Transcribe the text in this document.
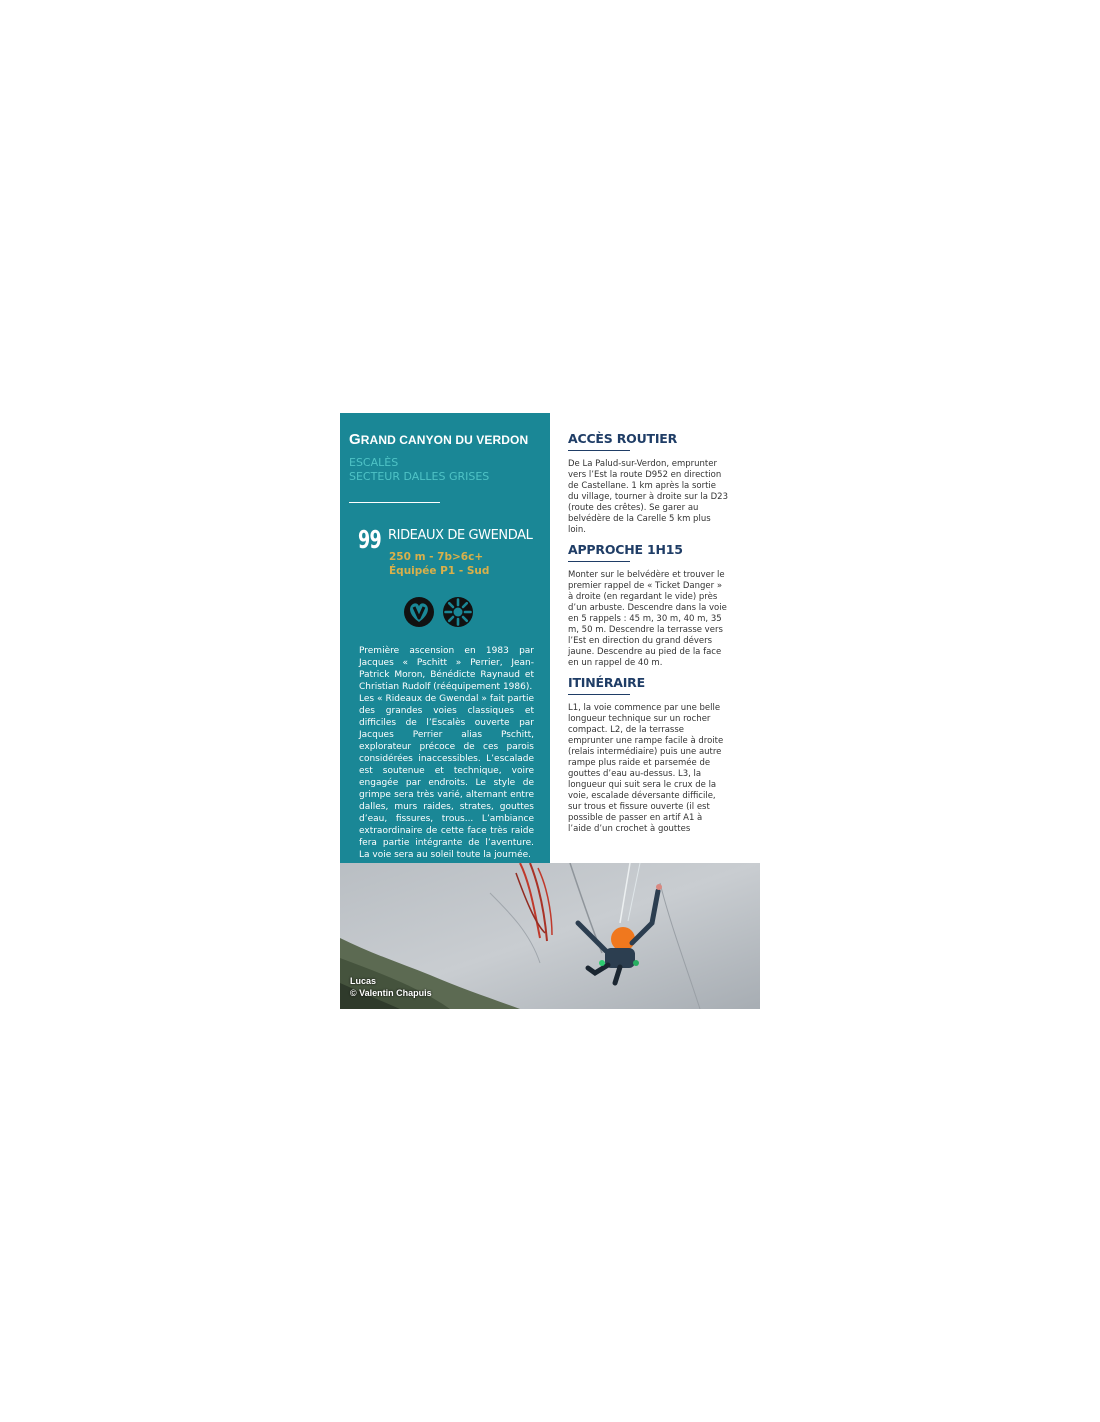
GRAND CANYON DU VERDON
ESCALÈS
SECTEUR DALLES GRISES
99 RIDEAUX DE GWENDAL
250 m - 7b>6c+
Équipée P1 - Sud

Première ascension en 1983 par Jacques « Pschitt » Perrier, Jean-Patrick Moron, Bénédicte Raynaud et Christian Rudolf (rééquipement 1986).

Les « Rideaux de Gwendal » fait partie des grandes voies classiques et difficiles de l’Escalès ouverte par Jacques Perrier alias Pschitt, explorateur précoce de ces parois considérées inaccessibles. L’escalade est soutenue et technique, voire engagée par endroits. Le style de grimpe sera très varié, alternant entre dalles, murs raides, strates, gouttes d’eau, fissures, trous... L’ambiance extraordinaire de cette face très raide fera partie intégrante de l’aventure. La voie sera au soleil toute la journée.

ACCÈS ROUTIER

De La Palud-sur-Verdon, emprunter vers l’Est la route D952 en direction de Castellane. 1 km après la sortie du village, tourner à droite sur la D23 (route des crêtes). Se garer au belvédère de la Carelle 5 km plus loin.

APPROCHE 1H15

Monter sur le belvédère et trouver le premier rappel de « Ticket Danger » à droite (en regardant le vide) près d’un arbuste. Descendre dans la voie en 5 rappels : 45 m, 30 m, 40 m, 35 m, 50 m. Descendre la terrasse vers l’Est en direction du grand dévers jaune. Descendre au pied de la face en un rappel de 40 m.

ITINÉRAIRE

L1, la voie commence par une belle longueur technique sur un rocher compact. L2, de la terrasse emprunter une rampe facile à droite (relais intermédiaire) puis une autre rampe plus raide et parsemée de gouttes d’eau au-dessus. L3, la longueur qui suit sera le crux de la voie, escalade déversante difficile, sur trous et fissure ouverte (il est possible de passer en artif A1 à l’aide d’un crochet à gouttes

Lucas
© Valentin Chapuis
